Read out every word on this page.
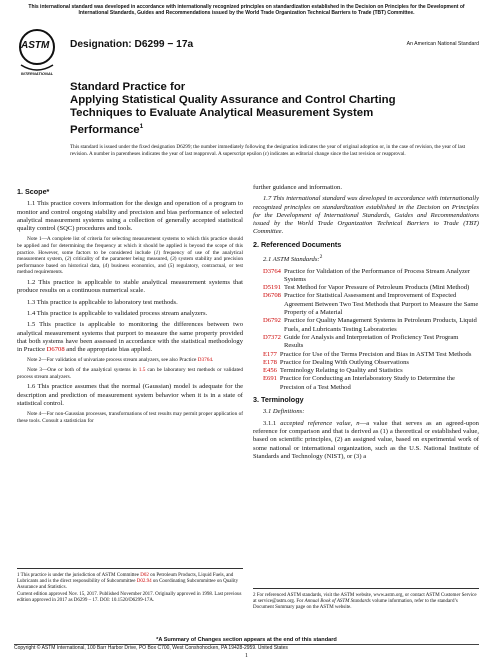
This international standard was developed in accordance with internationally recognized principles on standardization established in the Decision on Principles for the Development of International Standards, Guides and Recommendations issued by the World Trade Organization Technical Barriers to Trade (TBT) Committee.
ASTM
INTERNATIONAL
Designation: D6299 − 17a	An American National Standard
Standard Practice for
Applying Statistical Quality Assurance and Control Charting Techniques to Evaluate Analytical Measurement System Performance$^1$
This standard is issued under the fixed designation D6299; the number immediately following the designation indicates the year of original adoption or, in the case of revision, the year of last revision. A number in parentheses indicates the year of last reapproval. A superscript epsilon (ε) indicates an editorial change since the last revision or reapproval.
1. Scope*

1.1 This practice covers information for the design and operation of a program to monitor and control ongoing stability and precision and bias performance of selected analytical measurement systems using a collection of generally accepted statistical quality control (SQC) procedures and tools.

Note 1—A complete list of criteria for selecting measurement systems to which this practice should be applied and for determining the frequency at which it should be applied is beyond the scope of this practice. However, some factors to be considered include (1) frequency of use of the analytical measurement system, (2) criticality of the parameter being measured, (3) system stability and precision performance based on historical data, (4) business economics, and (5) regulatory, contractual, or test method requirements.

1.2 This practice is applicable to stable analytical measurement systems that produce results on a continuous numerical scale.

1.3 This practice is applicable to laboratory test methods.

1.4 This practice is applicable to validated process stream analyzers.

1.5 This practice is applicable to monitoring the differences between two analytical measurement systems that purport to measure the same property provided that both systems have been assessed in accordance with the statistical methodology in Practice D6708 and the appropriate bias applied.

Note 2—For validation of univariate process stream analyzers, see also Practice D3764.

Note 3—One or both of the analytical systems in 1.5 can be laboratory test methods or validated process stream analyzers.

1.6 This practice assumes that the normal (Gaussian) model is adequate for the description and prediction of measurement system behavior when it is in a state of statistical control.

Note 4—For non-Gaussian processes, transformations of test results may permit proper application of these tools. Consult a statistician for

further guidance and information.

1.7 This international standard was developed in accordance with internationally recognized principles on standardization established in the Decision on Principles for the Development of International Standards, Guides and Recommendations issued by the World Trade Organization Technical Barriers to Trade (TBT) Committee.

2. Referenced Documents

2.1 ASTM Standards:$^2$

D3764 Practice for Validation of the Performance of Process Stream Analyzer Systems
D5191 Test Method for Vapor Pressure of Petroleum Products (Mini Method)
D6708 Practice for Statistical Assessment and Improvement of Expected Agreement Between Two Test Methods that Purport to Measure the Same Property of a Material
D6792 Practice for Quality Management Systems in Petroleum Products, Liquid Fuels, and Lubricants Testing Laboratories
D7372 Guide for Analysis and Interpretation of Proficiency Test Program Results
E177 Practice for Use of the Terms Precision and Bias in ASTM Test Methods
E178 Practice for Dealing With Outlying Observations
E456 Terminology Relating to Quality and Statistics
E691 Practice for Conducting an Interlaboratory Study to Determine the Precision of a Test Method
3. Terminology

3.1 Definitions:

3.1.1 accepted reference value, n—a value that serves as an agreed-upon reference for comparison and that is derived as (1) a theoretical or established value, based on scientific principles, (2) an assigned value, based on experimental work of some national or international organization, such as the U.S. National Institute of Standards and Technology (NIST), or (3) a

1 This practice is under the jurisdiction of ASTM Committee D02 on Petroleum Products, Liquid Fuels, and Lubricants and is the direct responsibility of Subcommittee D02.94 on Coordinating Subcommittee on Quality Assurance and Statistics.
Current edition approved Nov. 15, 2017. Published November 2017. Originally approved in 1998. Last previous edition approved in 2017 as D6299 – 17. DOI: 10.1520/D6299-17A.
2 For referenced ASTM standards, visit the ASTM website, www.astm.org, or contact ASTM Customer Service at service@astm.org. For Annual Book of ASTM Standards volume information, refer to the standard’s Document Summary page on the ASTM website.
*A Summary of Changes section appears at the end of this standard
Copyright © ASTM International, 100 Barr Harbor Drive, PO Box C700, West Conshohocken, PA 19428-2959. United States
1
